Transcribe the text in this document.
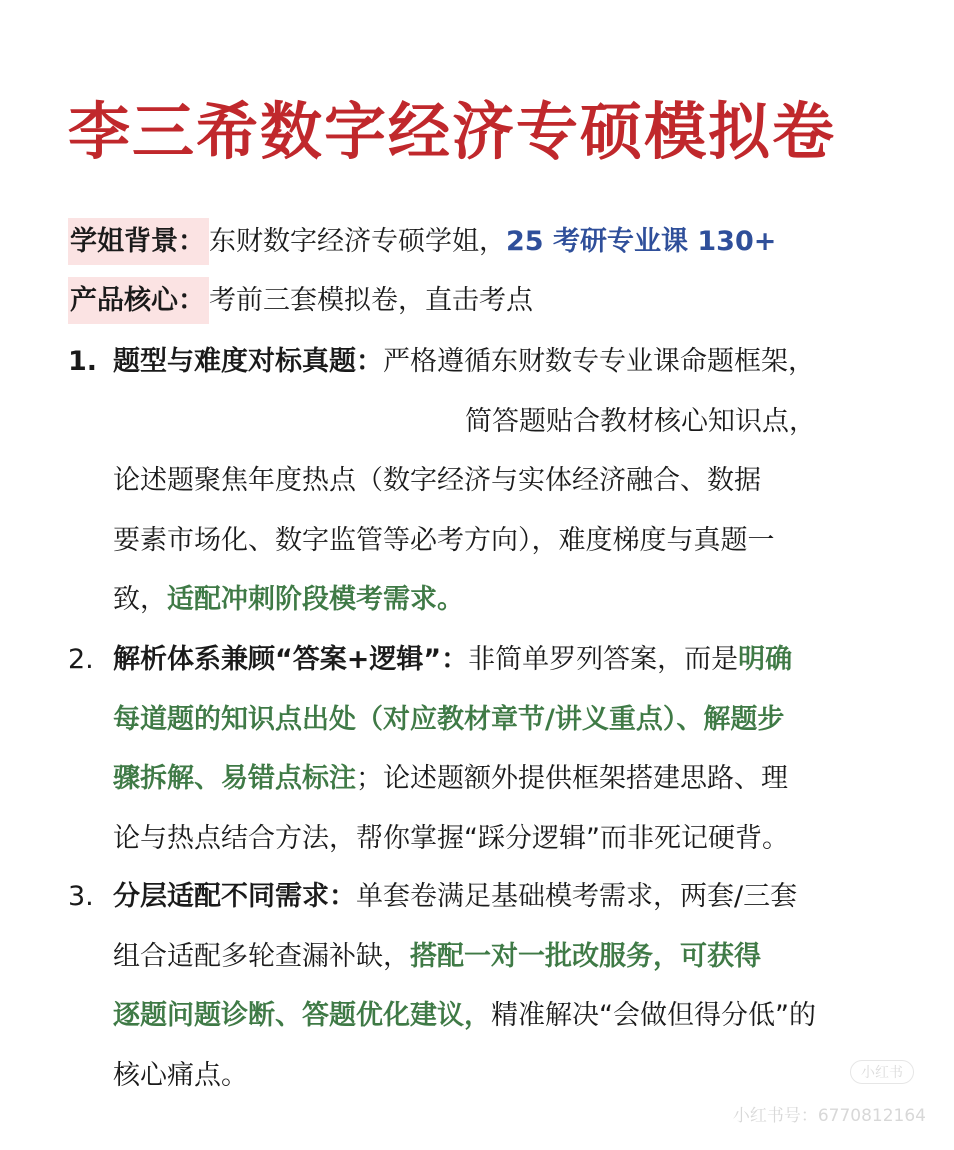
李三希数字经济专硕模拟卷
学姐背景： 东财数字经济专硕学姐，25 考研专业课 130+
产品核心： 考前三套模拟卷，直击考点
1. 题型与难度对标真题：严格遵循东财数专专业课命题框架，
简答题贴合教材核心知识点，
论述题聚焦年度热点（数字经济与实体经济融合、数据
要素市场化、数字监管等必考方向），难度梯度与真题一
致，适配冲刺阶段模考需求。
2. 解析体系兼顾“答案+逻辑”：非简单罗列答案，而是明确
每道题的知识点出处（对应教材章节/讲义重点）、解题步
骤拆解、易错点标注；论述题额外提供框架搭建思路、理
论与热点结合方法，帮你掌握“踩分逻辑”而非死记硬背。
3. 分层适配不同需求：单套卷满足基础模考需求，两套/三套
组合适配多轮查漏补缺，搭配一对一批改服务，可获得
逐题问题诊断、答题优化建议，精准解决“会做但得分低”的
核心痛点。	小红书
小红书号：6770812164
